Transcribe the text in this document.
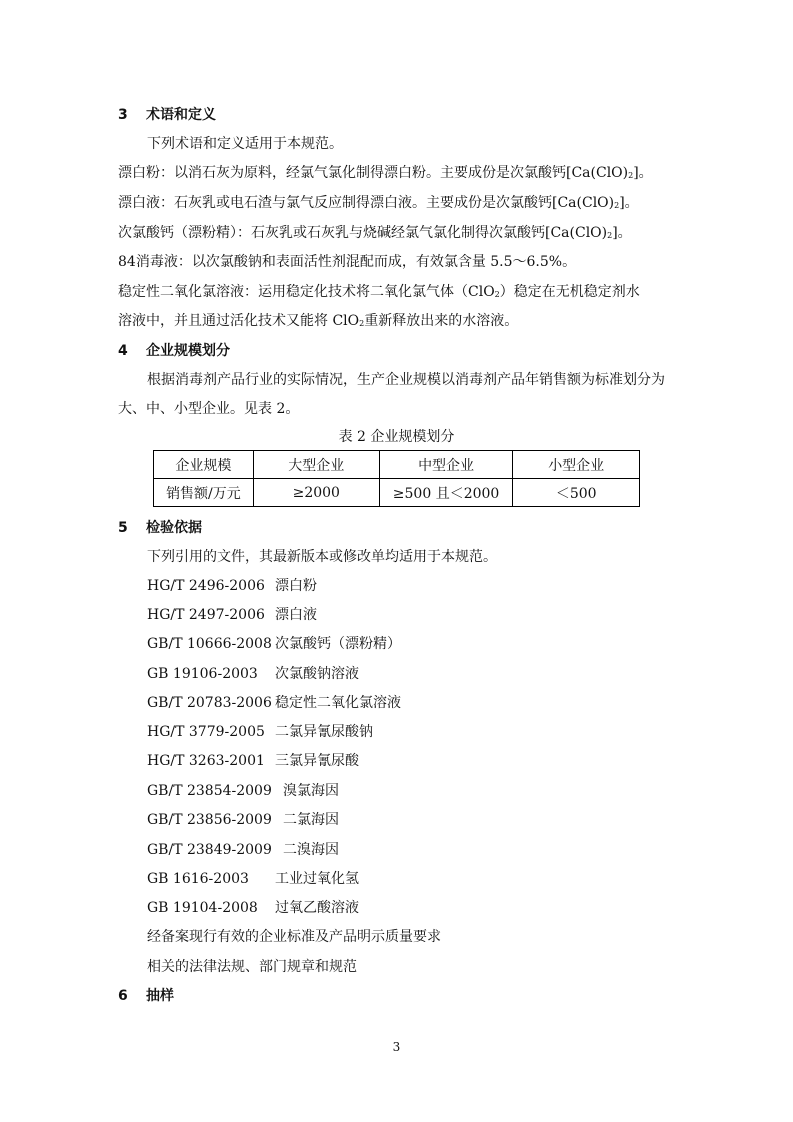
3 术语和定义
下列术语和定义适用于本规范。
漂白粉：以消石灰为原料，经氯气氯化制得漂白粉。主要成份是次氯酸钙$[Ca(ClO)_2]$。
漂白液：石灰乳或电石渣与氯气反应制得漂白液。主要成份是次氯酸钙$[Ca(ClO)_2]$。
次氯酸钙（漂粉精）：石灰乳或石灰乳与烧碱经氯气氯化制得次氯酸钙$[Ca(ClO)_2]$。
84消毒液：以次氯酸钠和表面活性剂混配而成，有效氯含量 5.5～6.5%。
稳定性二氧化氯溶液：运用稳定化技术将二氧化氯气体（ClO$_2$）稳定在无机稳定剂水
溶液中，并且通过活化技术又能将 ClO$_2$重新释放出来的水溶液。
4 企业规模划分
根据消毒剂产品行业的实际情况，生产企业规模以消毒剂产品年销售额为标准划分为
大、中、小型企业。见表 2。
表 2 企业规模划分
企业规模	大型企业	中型企业	小型企业
销售额/万元	≥2000	≥500 且＜2000	＜500
5 检验依据
下列引用的文件，其最新版本或修改单均适用于本规范。
HG/T 2496-2006 漂白粉
HG/T 2497-2006 漂白液
GB/T 10666-2008 次氯酸钙（漂粉精）
GB 19106-2003 次氯酸钠溶液
GB/T 20783-2006 稳定性二氧化氯溶液
HG/T 3779-2005 二氯异氰尿酸钠
HG/T 3263-2001 三氯异氰尿酸
GB/T 23854-2009 溴氯海因
GB/T 23856-2009 二氯海因
GB/T 23849-2009 二溴海因
GB 1616-2003 工业过氧化氢
GB 19104-2008 过氧乙酸溶液
经备案现行有效的企业标准及产品明示质量要求
相关的法律法规、部门规章和规范
6 抽样
3
